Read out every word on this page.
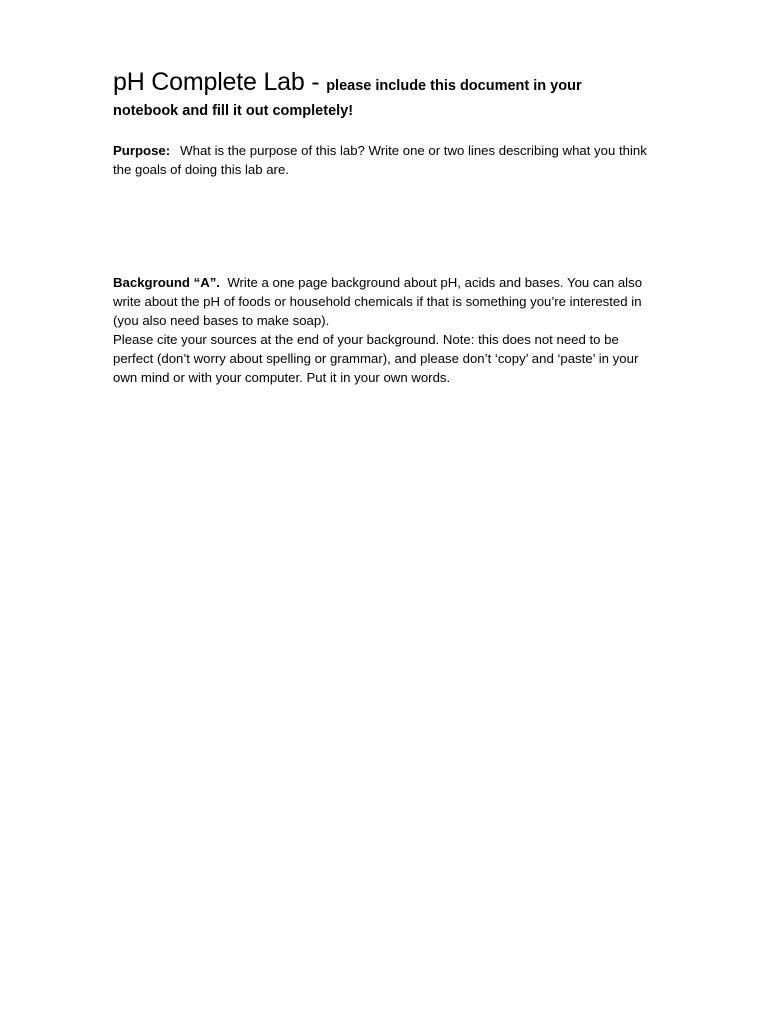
pH Complete Lab - please include this document in your
notebook and fill it out completely!

Purpose: What is the purpose of this lab? Write one or two lines describing what you think the goals of doing this lab are.

Background “A”. Write a one page background about pH, acids and bases. You can also write about the pH of foods or household chemicals if that is something you’re interested in (you also need bases to make soap).
Please cite your sources at the end of your background. Note: this does not need to be perfect (don’t worry about spelling or grammar), and please don’t ‘copy’ and ‘paste’ in your own mind or with your computer. Put it in your own words.
